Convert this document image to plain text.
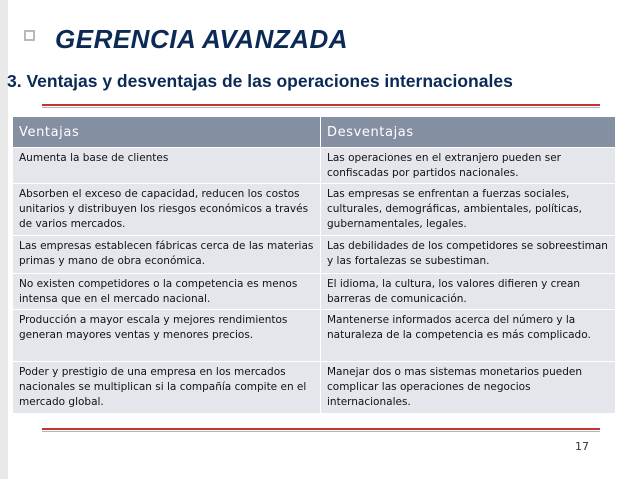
GERENCIA AVANZADA
3. Ventajas y desventajas de las operaciones internacionales
Ventajas	Desventajas
Aumenta la base de clientes	Las operaciones en el extranjero pueden ser confiscadas por partidos nacionales.
Absorben el exceso de capacidad, reducen los costos unitarios y distribuyen los riesgos económicos a través de varios mercados.	Las empresas se enfrentan a fuerzas sociales, culturales, demográficas, ambientales, políticas, gubernamentales, legales.
Las empresas establecen fábricas cerca de las materias primas y mano de obra económica.	Las debilidades de los competidores se sobreestiman y las fortalezas se subestiman.
No existen competidores o la competencia es menos intensa que en el mercado nacional.	El idioma, la cultura, los valores difieren y crean barreras de comunicación.
Producción a mayor escala y mejores rendimientos generan mayores ventas y menores precios.	Mantenerse informados acerca del número y la naturaleza de la competencia es más complicado.
Poder y prestigio de una empresa en los mercados nacionales se multiplican si la compañía compite en el mercado global.	Manejar dos o mas sistemas monetarios pueden complicar las operaciones de negocios internacionales.
17
